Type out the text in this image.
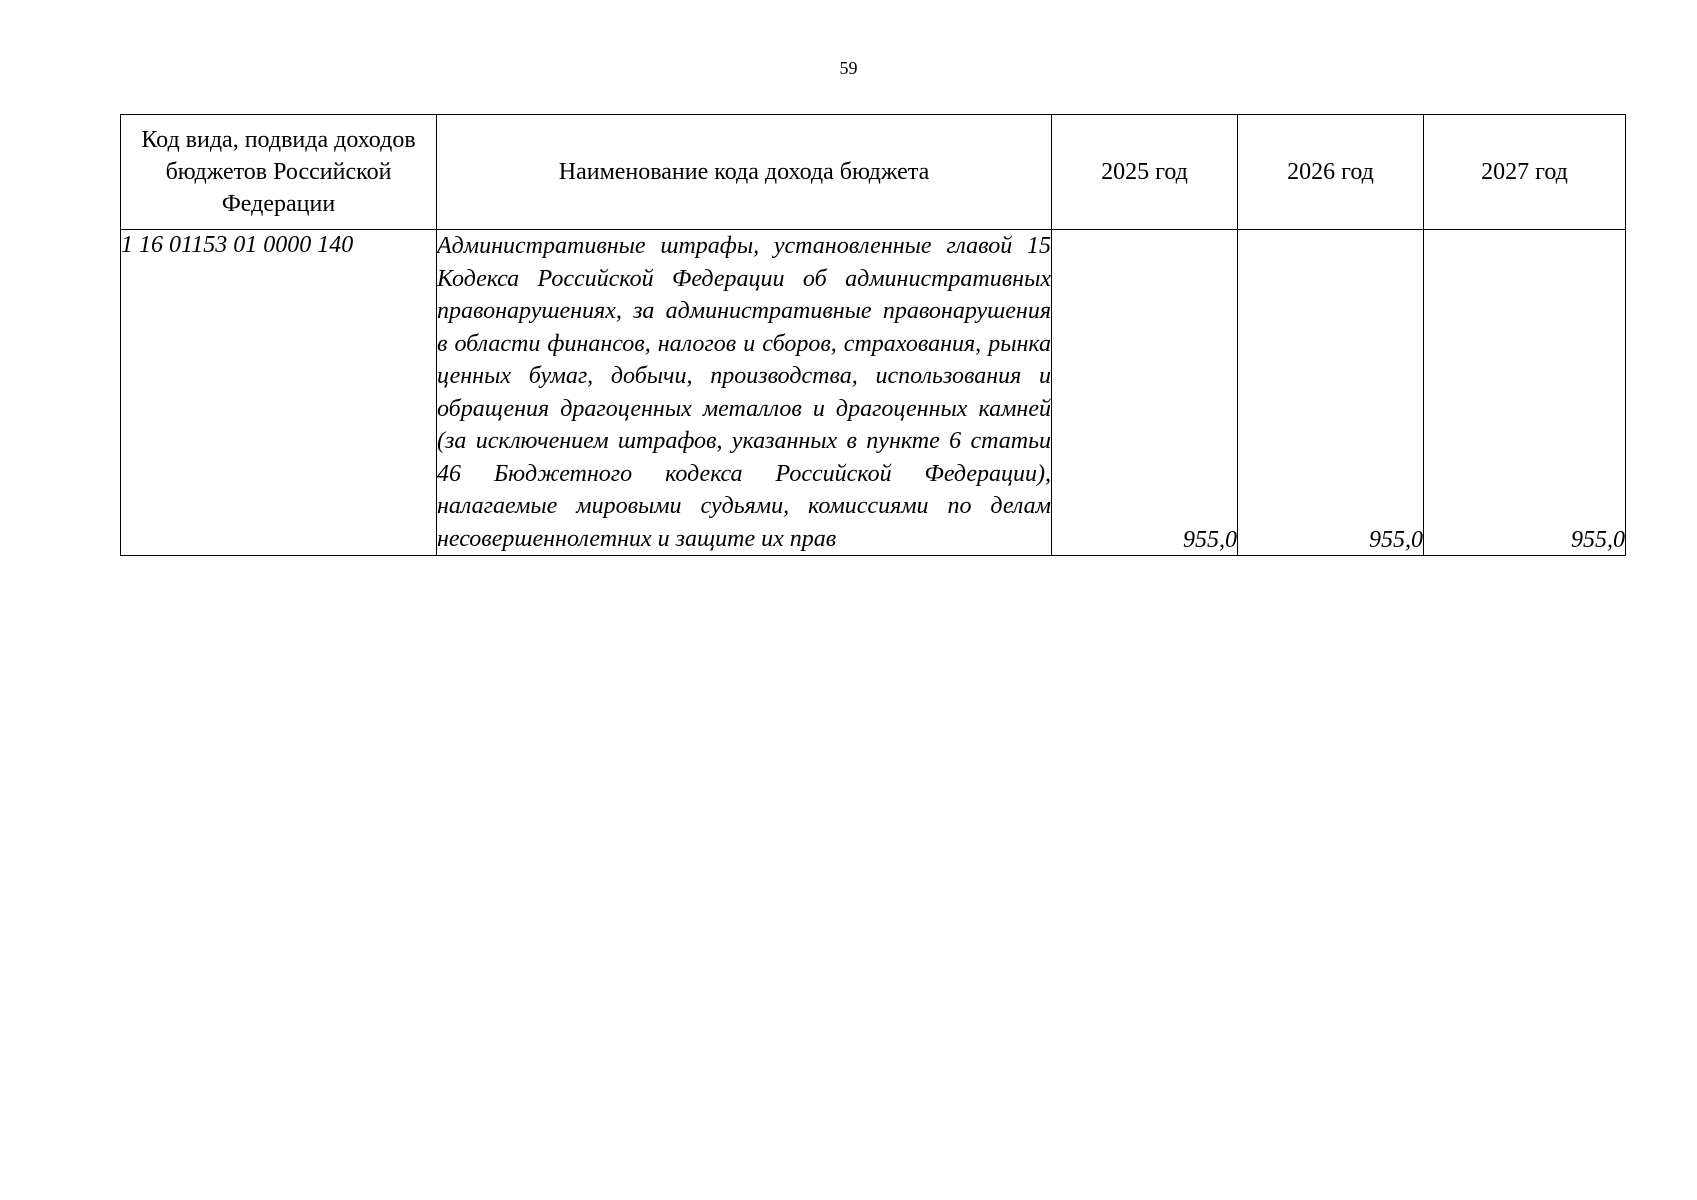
59
Код вида, подвида доходов бюджетов Российской Федерации	Наименование кода дохода бюджета	2025 год	2026 год	2027 год
1 16 01153 01 0000 140	Административные штрафы, установленные главой 15 Кодекса Российской Федерации об административных правонарушениях, за административные правонарушения в области финансов, налогов и сборов, страхования, рынка ценных бумаг, добычи, производства, использования и обращения драгоценных металлов и драгоценных камней (за исключением штрафов, указанных в пункте 6 статьи 46 Бюджетного кодекса Российской Федерации), налагаемые мировыми судьями, комиссиями по делам несовершеннолетних и защите их прав	955,0	955,0	955,0
